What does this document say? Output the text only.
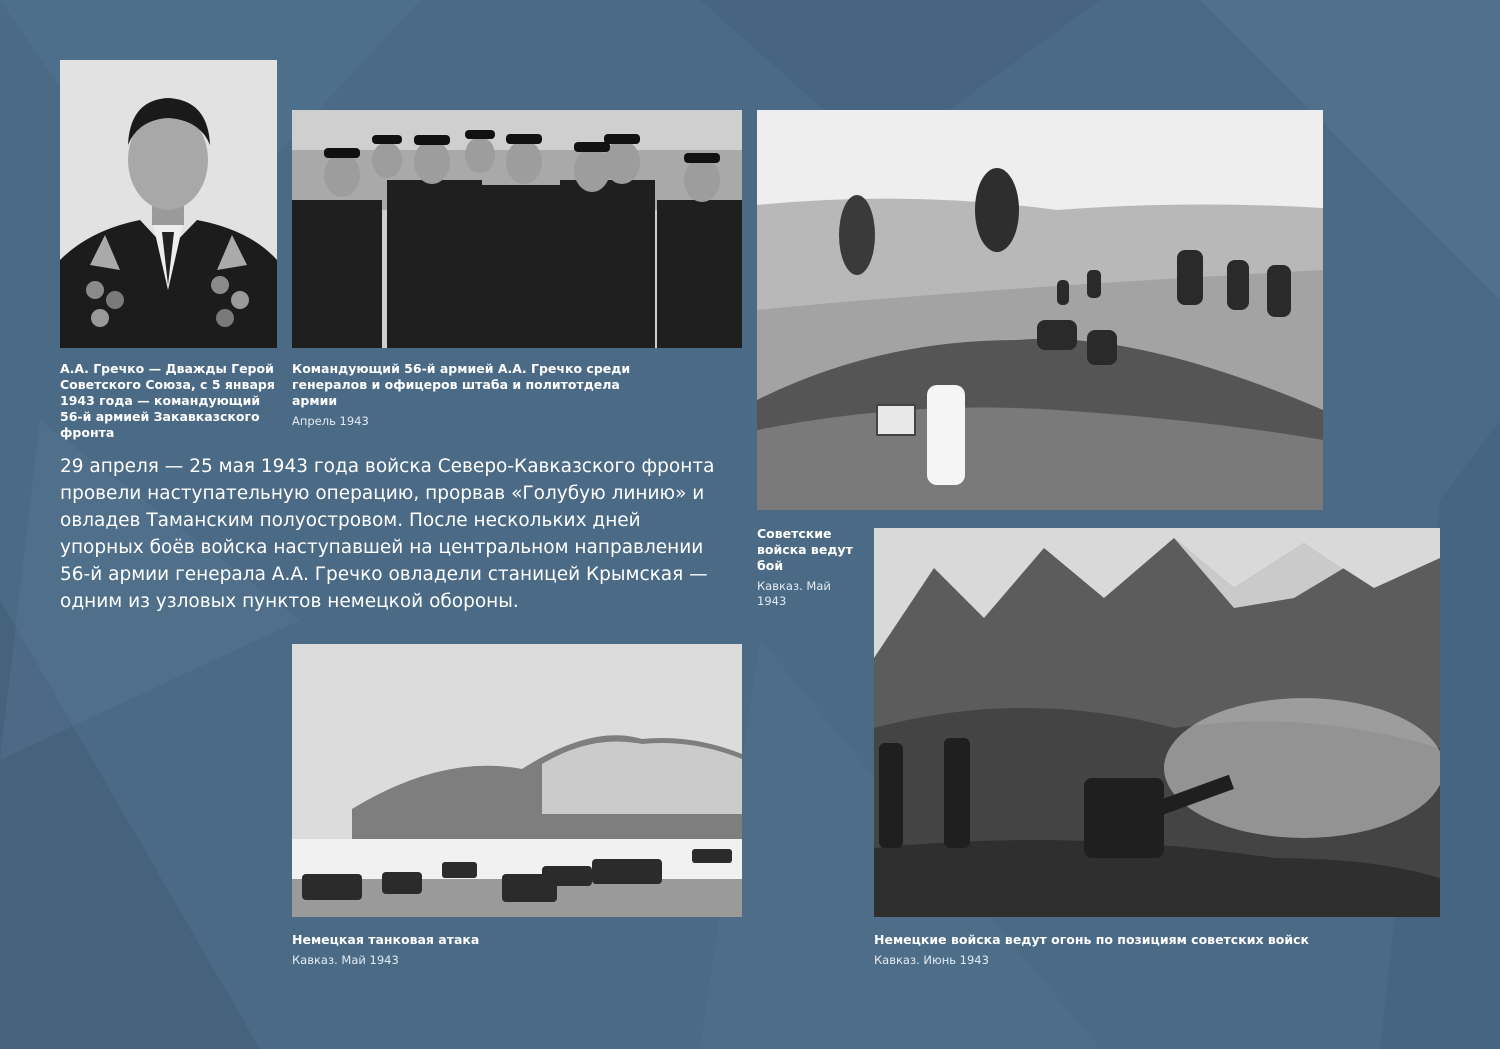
А.А. Гречко — Дважды Герой Советского Союза, с 5 января 1943 года — командующий 56-й армией Закавказского фронта
Командующий 56-й армией А.А. Гречко среди генералов и офицеров штаба и политотдела армии
Апрель 1943
Советские войска ведут бой
Кавказ. Май 1943

29 апреля — 25 мая 1943 года войска Северо-Кавказского фронта провели наступательную операцию, прорвав «Голубую линию» и овладев Таманским полуостровом. После нескольких дней упорных боёв войска наступавшей на центральном направлении 56-й армии генерала А.А. Гречко овладели станицей Крымская — одним из узловых пунктов немецкой обороны.

Немецкая танковая атака
Кавказ. Май 1943
Немецкие войска ведут огонь по позициям советских войск
Кавказ. Июнь 1943
